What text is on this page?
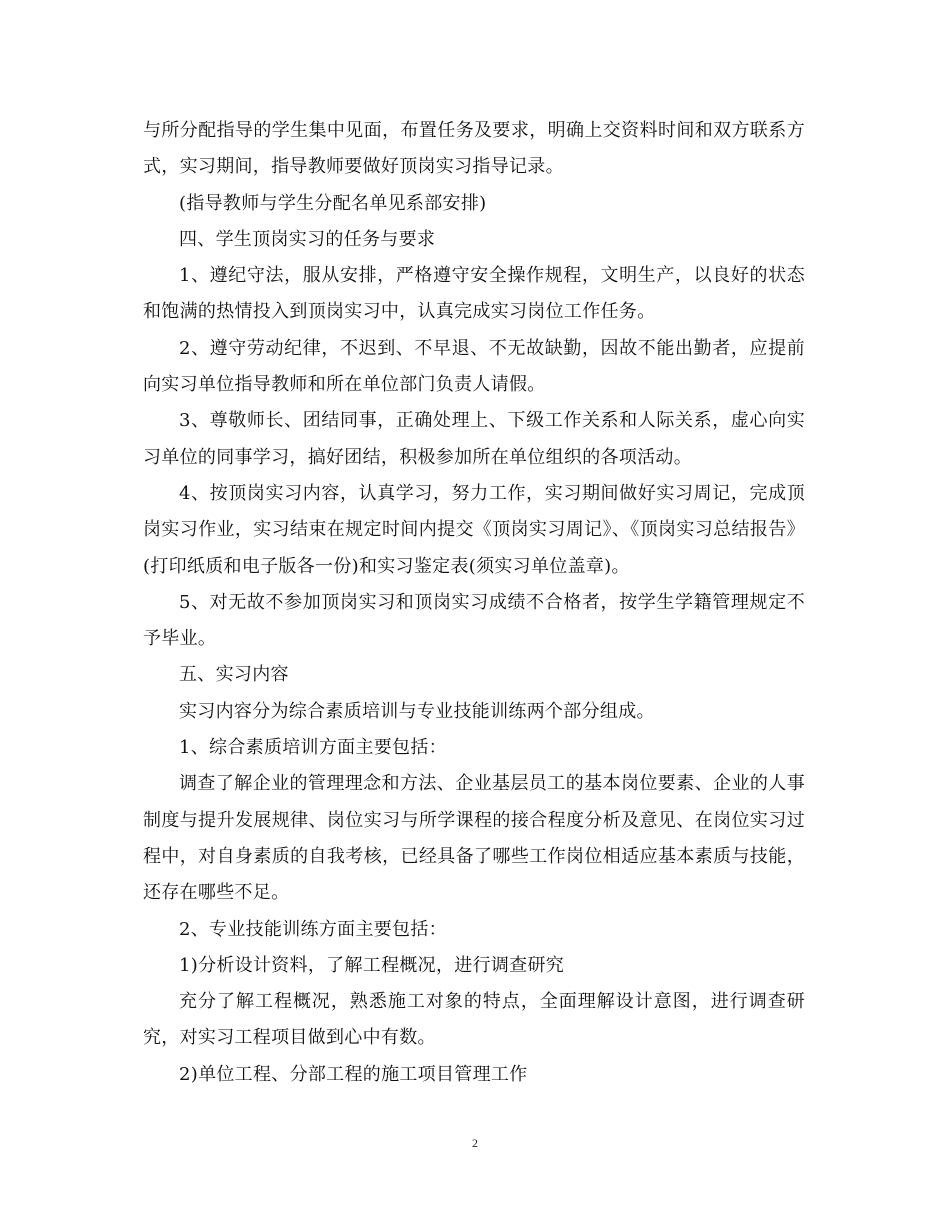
与所分配指导的学生集中见面，布置任务及要求，明确上交资料时间和双方联系方式，实习期间，指导教师要做好顶岗实习指导记录。

(指导教师与学生分配名单见系部安排)

四、学生顶岗实习的任务与要求

1、遵纪守法，服从安排，严格遵守安全操作规程，文明生产，以良好的状态和饱满的热情投入到顶岗实习中，认真完成实习岗位工作任务。

2、遵守劳动纪律，不迟到、不早退、不无故缺勤，因故不能出勤者，应提前向实习单位指导教师和所在单位部门负责人请假。

3、尊敬师长、团结同事，正确处理上、下级工作关系和人际关系，虚心向实习单位的同事学习，搞好团结，积极参加所在单位组织的各项活动。

4、按顶岗实习内容，认真学习，努力工作，实习期间做好实习周记，完成顶岗实习作业，实习结束在规定时间内提交《顶岗实习周记》、《顶岗实习总结报告》(打印纸质和电子版各一份)和实习鉴定表(须实习单位盖章)。

5、对无故不参加顶岗实习和顶岗实习成绩不合格者，按学生学籍管理规定不予毕业。

五、实习内容

实习内容分为综合素质培训与专业技能训练两个部分组成。

1、综合素质培训方面主要包括：

调查了解企业的管理理念和方法、企业基层员工的基本岗位要素、企业的人事制度与提升发展规律、岗位实习与所学课程的接合程度分析及意见、在岗位实习过程中，对自身素质的自我考核，已经具备了哪些工作岗位相适应基本素质与技能，还存在哪些不足。

2、专业技能训练方面主要包括：

1)分析设计资料，了解工程概况，进行调查研究

充分了解工程概况，熟悉施工对象的特点，全面理解设计意图，进行调查研究，对实习工程项目做到心中有数。

2)单位工程、分部工程的施工项目管理工作

2
